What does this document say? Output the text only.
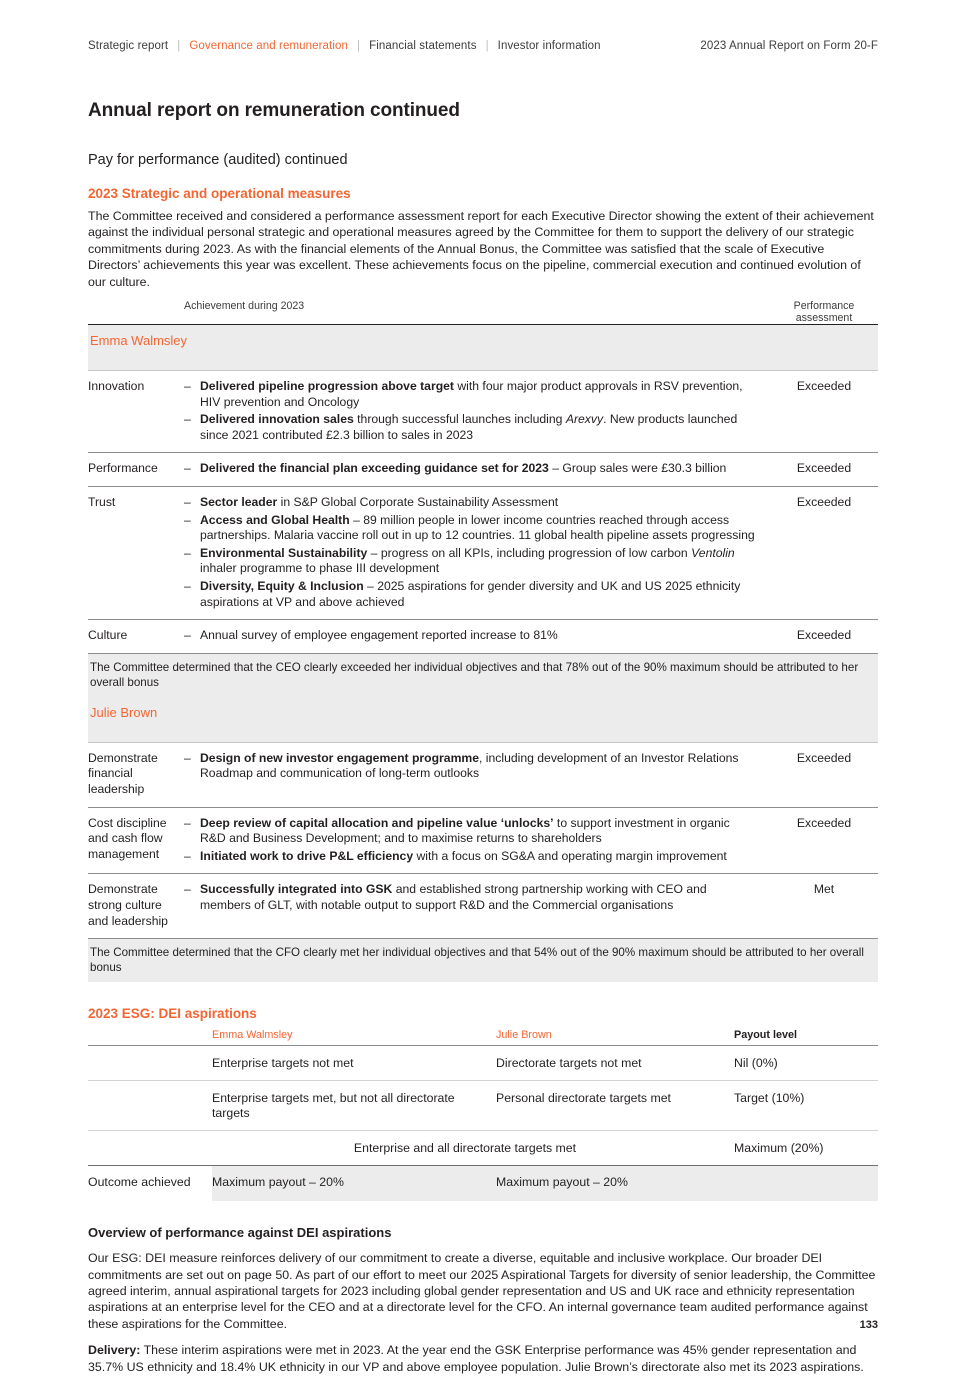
Strategic report | Governance and remuneration | Financial statements | Investor information	2023 Annual Report on Form 20-F
Annual report on remuneration continued
Pay for performance (audited) continued
2023 Strategic and operational measures

The Committee received and considered a performance assessment report for each Executive Director showing the extent of their achievement against the individual personal strategic and operational measures agreed by the Committee for them to support the delivery of our strategic commitments during 2023. As with the financial elements of the Annual Bonus, the Committee was satisfied that the scale of Executive Directors’ achievements this year was excellent. These achievements focus on the pipeline, commercial execution and continued evolution of our culture.

	Achievement during 2023	Performance assessment

Emma Walmsley		

Innovation	
–Delivered pipeline progression above target with four major product approvals in RSV prevention, HIV prevention and Oncology
– Delivered innovation sales through successful launches including Arexvy. New products launched since 2021 contributed £2.3 billion to sales in 2023
	Exceeded

Performance	
–Delivered the financial plan exceeding guidance set for 2023 – Group sales were £30.3 billion	Exceeded

Trust	
–Sector leader in S&P Global Corporate Sustainability Assessment
– Access and Global Health – 89 million people in lower income countries reached through access partnerships. Malaria vaccine roll out in up to 12 countries. 11 global health pipeline assets progressing
– Environmental Sustainability – progress on all KPIs, including progression of low carbon Ventolin inhaler programme to phase III development
– Diversity, Equity & Inclusion – 2025 aspirations for gender diversity and UK and US 2025 ethnicity aspirations at VP and above achieved
	Exceeded

Culture	
–Annual survey of employee engagement reported increase to 81%	Exceeded

The Committee determined that the CEO clearly exceeded her individual objectives and that 78% out of the 90% maximum should be attributed to her overall bonus		
Julie Brown		

Demonstrate financial leadership	
– Design of new investor engagement programme, including development of an Investor Relations Roadmap and communication of long-term outlooks
	Exceeded

Cost discipline and cash flow management	
– Deep review of capital allocation and pipeline value ‘unlocks’ to support investment in organic R&D and Business Development; and to maximise returns to shareholders
– Initiated work to drive P&L efficiency with a focus on SG&A and operating margin improvement
	Exceeded

Demonstrate strong culture and leadership	
– Successfully integrated into GSK and established strong partnership working with CEO and members of GLT, with notable output to support R&D and the Commercial organisations
	Met

The Committee determined that the CFO clearly met her individual objectives and that 54% out of the 90% maximum should be attributed to her overall bonus		
2023 ESG: DEI aspirations
	Emma Walmsley	Julie Brown	Payout level

	Enterprise targets not met	Directorate targets not met	Nil (0%)

	Enterprise targets met, but not all directorate targets	Personal directorate targets met	Target (10%)

	Enterprise and all directorate targets met		Maximum (20%)

Outcome achieved	Maximum payout – 20%	Maximum payout – 20%	
Overview of performance against DEI aspirations

Our ESG: DEI measure reinforces delivery of our commitment to create a diverse, equitable and inclusive workplace. Our broader DEI commitments are set out on page 50. As part of our effort to meet our 2025 Aspirational Targets for diversity of senior leadership, the Committee agreed interim, annual aspirational targets for 2023 including global gender representation and US and UK race and ethnicity representation aspirations at an enterprise level for the CEO and at a directorate level for the CFO. An internal governance team audited performance against these aspirations for the Committee.

Delivery: These interim aspirations were met in 2023. At the year end the GSK Enterprise performance was 45% gender representation and 35.7% US ethnicity and 18.4% UK ethnicity in our VP and above employee population. Julie Brown’s directorate also met its 2023 aspirations.

133
